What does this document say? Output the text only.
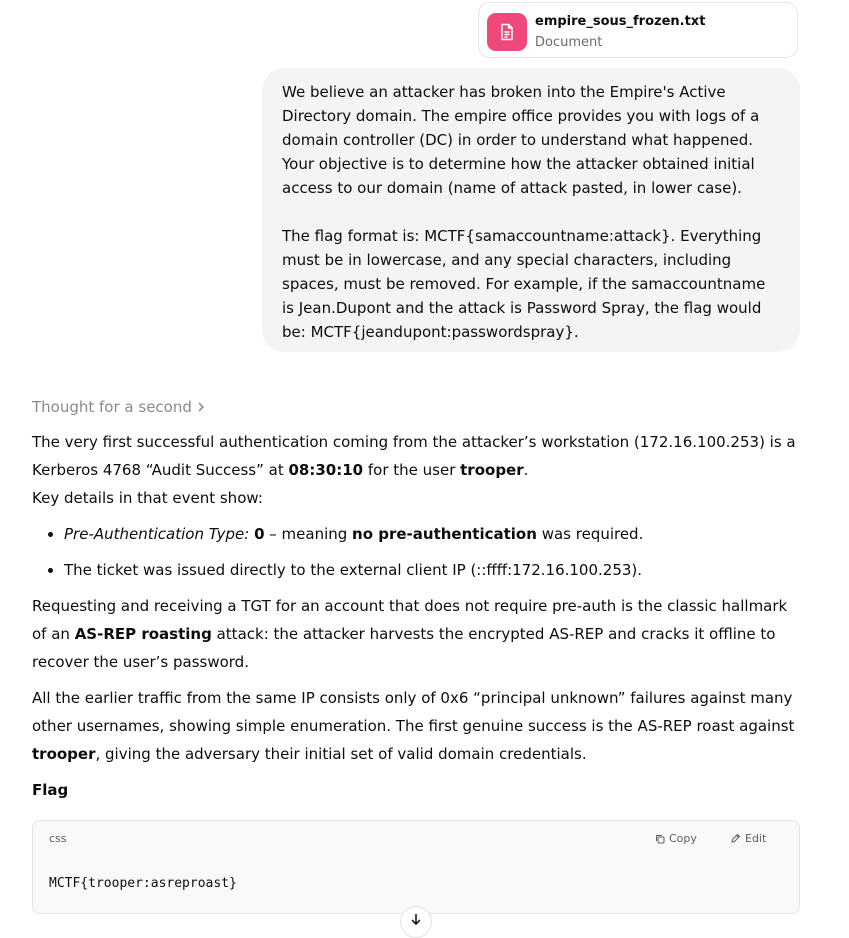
empire_sous_frozen.txt
Document

We believe an attacker has broken into the Empire's Active Directory domain. The empire office provides you with logs of a domain controller (DC) in order to understand what happened.

Your objective is to determine how the attacker obtained initial access to our domain (name of attack pasted, in lower case).

The flag format is: MCTF{samaccountname:attack}. Everything must be in lowercase, and any special characters, including spaces, must be removed. For example, if the samaccountname is Jean.Dupont and the attack is Password Spray, the flag would be: MCTF{jeandupont:passwordspray}.

Thought for a second

The very first successful authentication coming from the attacker’s workstation (172.16.100.253) is a Kerberos 4768 “Audit Success” at 08:30:10 for the user trooper.

Key details in that event show:

• Pre-Authentication Type: 0 – meaning no pre-authentication was required.
• The ticket was issued directly to the external client IP (::ffff:172.16.100.253).

Requesting and receiving a TGT for an account that does not require pre-auth is the classic hallmark of an AS-REP roasting attack: the attacker harvests the encrypted AS-REP and cracks it offline to recover the user’s password.

All the earlier traffic from the same IP consists only of 0x6 “principal unknown” failures against many other usernames, showing simple enumeration. The first genuine success is the AS-REP roast against trooper, giving the adversary their initial set of valid domain credentials.

Flag

css	Copy	Edit
MCTF{trooper:asreproast}
